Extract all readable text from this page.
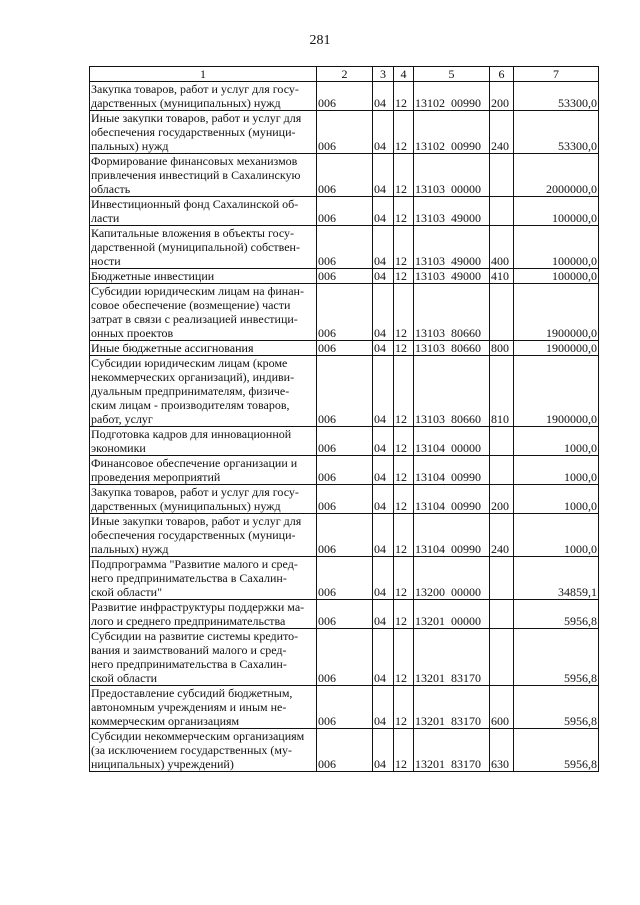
281
1	2	3	4	5	6	7

Закупка товаров, работ и услуг для госу-
дарственных (муниципальных) нужд	006	04	12	13102  00990	200	53300,0

Иные закупки товаров, работ и услуг для
обеспечения государственных (муници-
пальных) нужд	006	04	12	13102  00990	240	53300,0

Формирование финансовых механизмов
привлечения инвестиций в Сахалинскую
область	006	04	12	13103  00000		2000000,0

Инвестиционный фонд Сахалинской об-
ласти	006	04	12	13103  49000		100000,0

Капитальные вложения в объекты госу-
дарственной (муниципальной) собствен-
ности	006	04	12	13103  49000	400	100000,0

Бюджетные инвестиции	006	04	12	13103  49000	410	100000,0

Субсидии юридическим лицам на финан-
совое обеспечение (возмещение) части
затрат в связи с реализацией инвестици-
онных проектов	006	04	12	13103  80660		1900000,0

Иные бюджетные ассигнования	006	04	12	13103  80660	800	1900000,0

Субсидии юридическим лицам (кроме
некоммерческих организаций), индиви-
дуальным предпринимателям, физиче-
ским лицам - производителям товаров,
работ, услуг	006	04	12	13103  80660	810	1900000,0

Подготовка кадров для инновационной
экономики	006	04	12	13104  00000		1000,0

Финансовое обеспечение организации и
проведения мероприятий	006	04	12	13104  00990		1000,0

Закупка товаров, работ и услуг для госу-
дарственных (муниципальных) нужд	006	04	12	13104  00990	200	1000,0

Иные закупки товаров, работ и услуг для
обеспечения государственных (муници-
пальных) нужд	006	04	12	13104  00990	240	1000,0

Подпрограмма "Развитие малого и сред-
него предпринимательства в Сахалин-
ской области"	006	04	12	13200  00000		34859,1

Развитие инфраструктуры поддержки ма-
лого и среднего предпринимательства	006	04	12	13201  00000		5956,8

Субсидии на развитие системы кредито-
вания и заимствований малого и сред-
него предпринимательства в Сахалин-
ской области	006	04	12	13201  83170		5956,8

Предоставление субсидий бюджетным,
автономным учреждениям и иным не-
коммерческим организациям	006	04	12	13201  83170	600	5956,8

Субсидии некоммерческим организациям
(за исключением государственных (му-
ниципальных) учреждений)	006	04	12	13201  83170	630	5956,8
